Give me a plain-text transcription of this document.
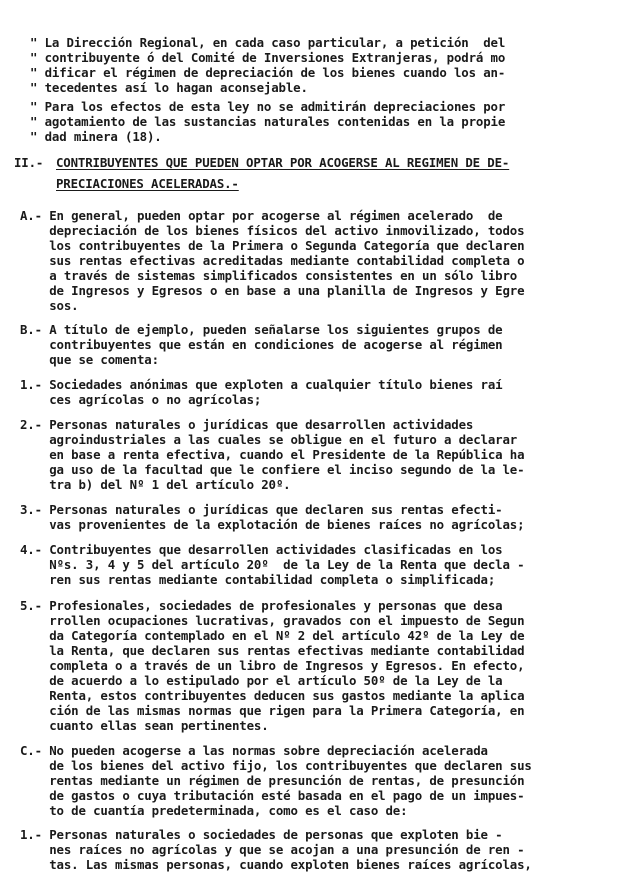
" La Dirección Regional, en cada caso particular, a petición  del
" contribuyente ó del Comité de Inversiones Extranjeras, podrá mo
" dificar el régimen de depreciación de los bienes cuando los an-
" tecedentes así lo hagan aconsejable.
" Para los efectos de esta ley no se admitirán depreciaciones por
" agotamiento de las sustancias naturales contenidas en la propie
" dad minera (18).
II.- CONTRIBUYENTES QUE PUEDEN OPTAR POR ACOGERSE AL REGIMEN DE DE-
PRECIACIONES ACELERADAS.-
A.- En general, pueden optar por acogerse al régimen acelerado  de
depreciación de los bienes físicos del activo inmovilizado, todos
los contribuyentes de la Primera o Segunda Categoría que declaren
sus rentas efectivas acreditadas mediante contabilidad completa o
a través de sistemas simplificados consistentes en un sólo libro
de Ingresos y Egresos o en base a una planilla de Ingresos y Egre
sos.
B.- A título de ejemplo, pueden señalarse los siguientes grupos de
contribuyentes que están en condiciones de acogerse al régimen
que se comenta:
1.- Sociedades anónimas que exploten a cualquier título bienes raí
ces agrícolas o no agrícolas;
2.- Personas naturales o jurídicas que desarrollen actividades
agroindustriales a las cuales se obligue en el futuro a declarar
en base a renta efectiva, cuando el Presidente de la República ha
ga uso de la facultad que le confiere el inciso segundo de la le-
tra b) del Nº 1 del artículo 20º.
3.- Personas naturales o jurídicas que declaren sus rentas efecti-
vas provenientes de la explotación de bienes raíces no agrícolas;
4.- Contribuyentes que desarrollen actividades clasificadas en los
Nºs. 3, 4 y 5 del artículo 20º  de la Ley de la Renta que decla -
ren sus rentas mediante contabilidad completa o simplificada;
5.- Profesionales, sociedades de profesionales y personas que desa
rrollen ocupaciones lucrativas, gravados con el impuesto de Segun
da Categoría contemplado en el Nº 2 del artículo 42º de la Ley de
la Renta, que declaren sus rentas efectivas mediante contabilidad
completa o a través de un libro de Ingresos y Egresos. En efecto,
de acuerdo a lo estipulado por el artículo 50º de la Ley de la
Renta, estos contribuyentes deducen sus gastos mediante la aplica
ción de las mismas normas que rigen para la Primera Categoría, en
cuanto ellas sean pertinentes.
C.- No pueden acogerse a las normas sobre depreciación acelerada
de los bienes del activo fijo, los contribuyentes que declaren sus
rentas mediante un régimen de presunción de rentas, de presunción
de gastos o cuya tributación esté basada en el pago de un impues-
to de cuantía predeterminada, como es el caso de:
1.- Personas naturales o sociedades de personas que exploten bie -
nes raíces no agrícolas y que se acojan a una presunción de ren -
tas. Las mismas personas, cuando exploten bienes raíces agrícolas,
